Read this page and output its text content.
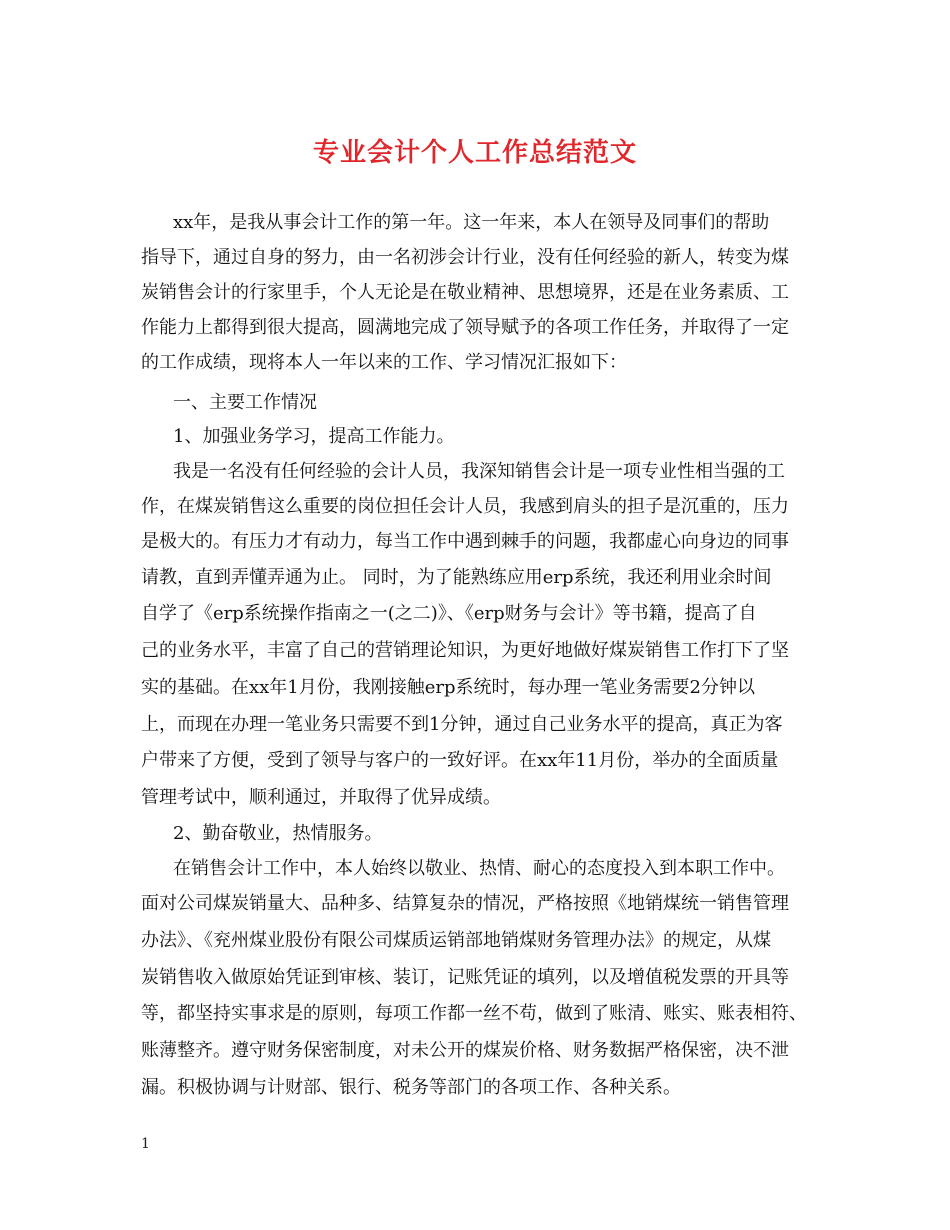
专业会计个人工作总结范文
xx年，是我从事会计工作的第一年。这一年来，本人在领导及同事们的帮助
指导下，通过自身的努力，由一名初涉会计行业，没有任何经验的新人，转变为煤
炭销售会计的行家里手，个人无论是在敬业精神、思想境界，还是在业务素质、工
作能力上都得到很大提高，圆满地完成了领导赋予的各项工作任务，并取得了一定
的工作成绩，现将本人一年以来的工作、学习情况汇报如下：
一、主要工作情况
1、加强业务学习，提高工作能力。
我是一名没有任何经验的会计人员，我深知销售会计是一项专业性相当强的工
作，在煤炭销售这么重要的岗位担任会计人员，我感到肩头的担子是沉重的，压力
是极大的。有压力才有动力，每当工作中遇到棘手的问题，我都虚心向身边的同事
请教，直到弄懂弄通为止。 同时，为了能熟练应用erp系统，我还利用业余时间
自学了《erp系统操作指南之一(之二)》、《erp财务与会计》等书籍，提高了自
己的业务水平，丰富了自己的营销理论知识，为更好地做好煤炭销售工作打下了坚
实的基础。在xx年1月份，我刚接触erp系统时，每办理一笔业务需要2分钟以
上，而现在办理一笔业务只需要不到1分钟，通过自己业务水平的提高，真正为客
户带来了方便，受到了领导与客户的一致好评。在xx年11月份，举办的全面质量
管理考试中，顺利通过，并取得了优异成绩。
2、勤奋敬业，热情服务。
在销售会计工作中，本人始终以敬业、热情、耐心的态度投入到本职工作中。
面对公司煤炭销量大、品种多、结算复杂的情况，严格按照《地销煤统一销售管理
办法》、《兖州煤业股份有限公司煤质运销部地销煤财务管理办法》的规定，从煤
炭销售收入做原始凭证到审核、装订，记账凭证的填列，以及增值税发票的开具等
等，都坚持实事求是的原则，每项工作都一丝不苟，做到了账清、账实、账表相符、
账薄整齐。遵守财务保密制度，对未公开的煤炭价格、财务数据严格保密，决不泄
漏。积极协调与计财部、银行、税务等部门的各项工作、各种关系。
1
